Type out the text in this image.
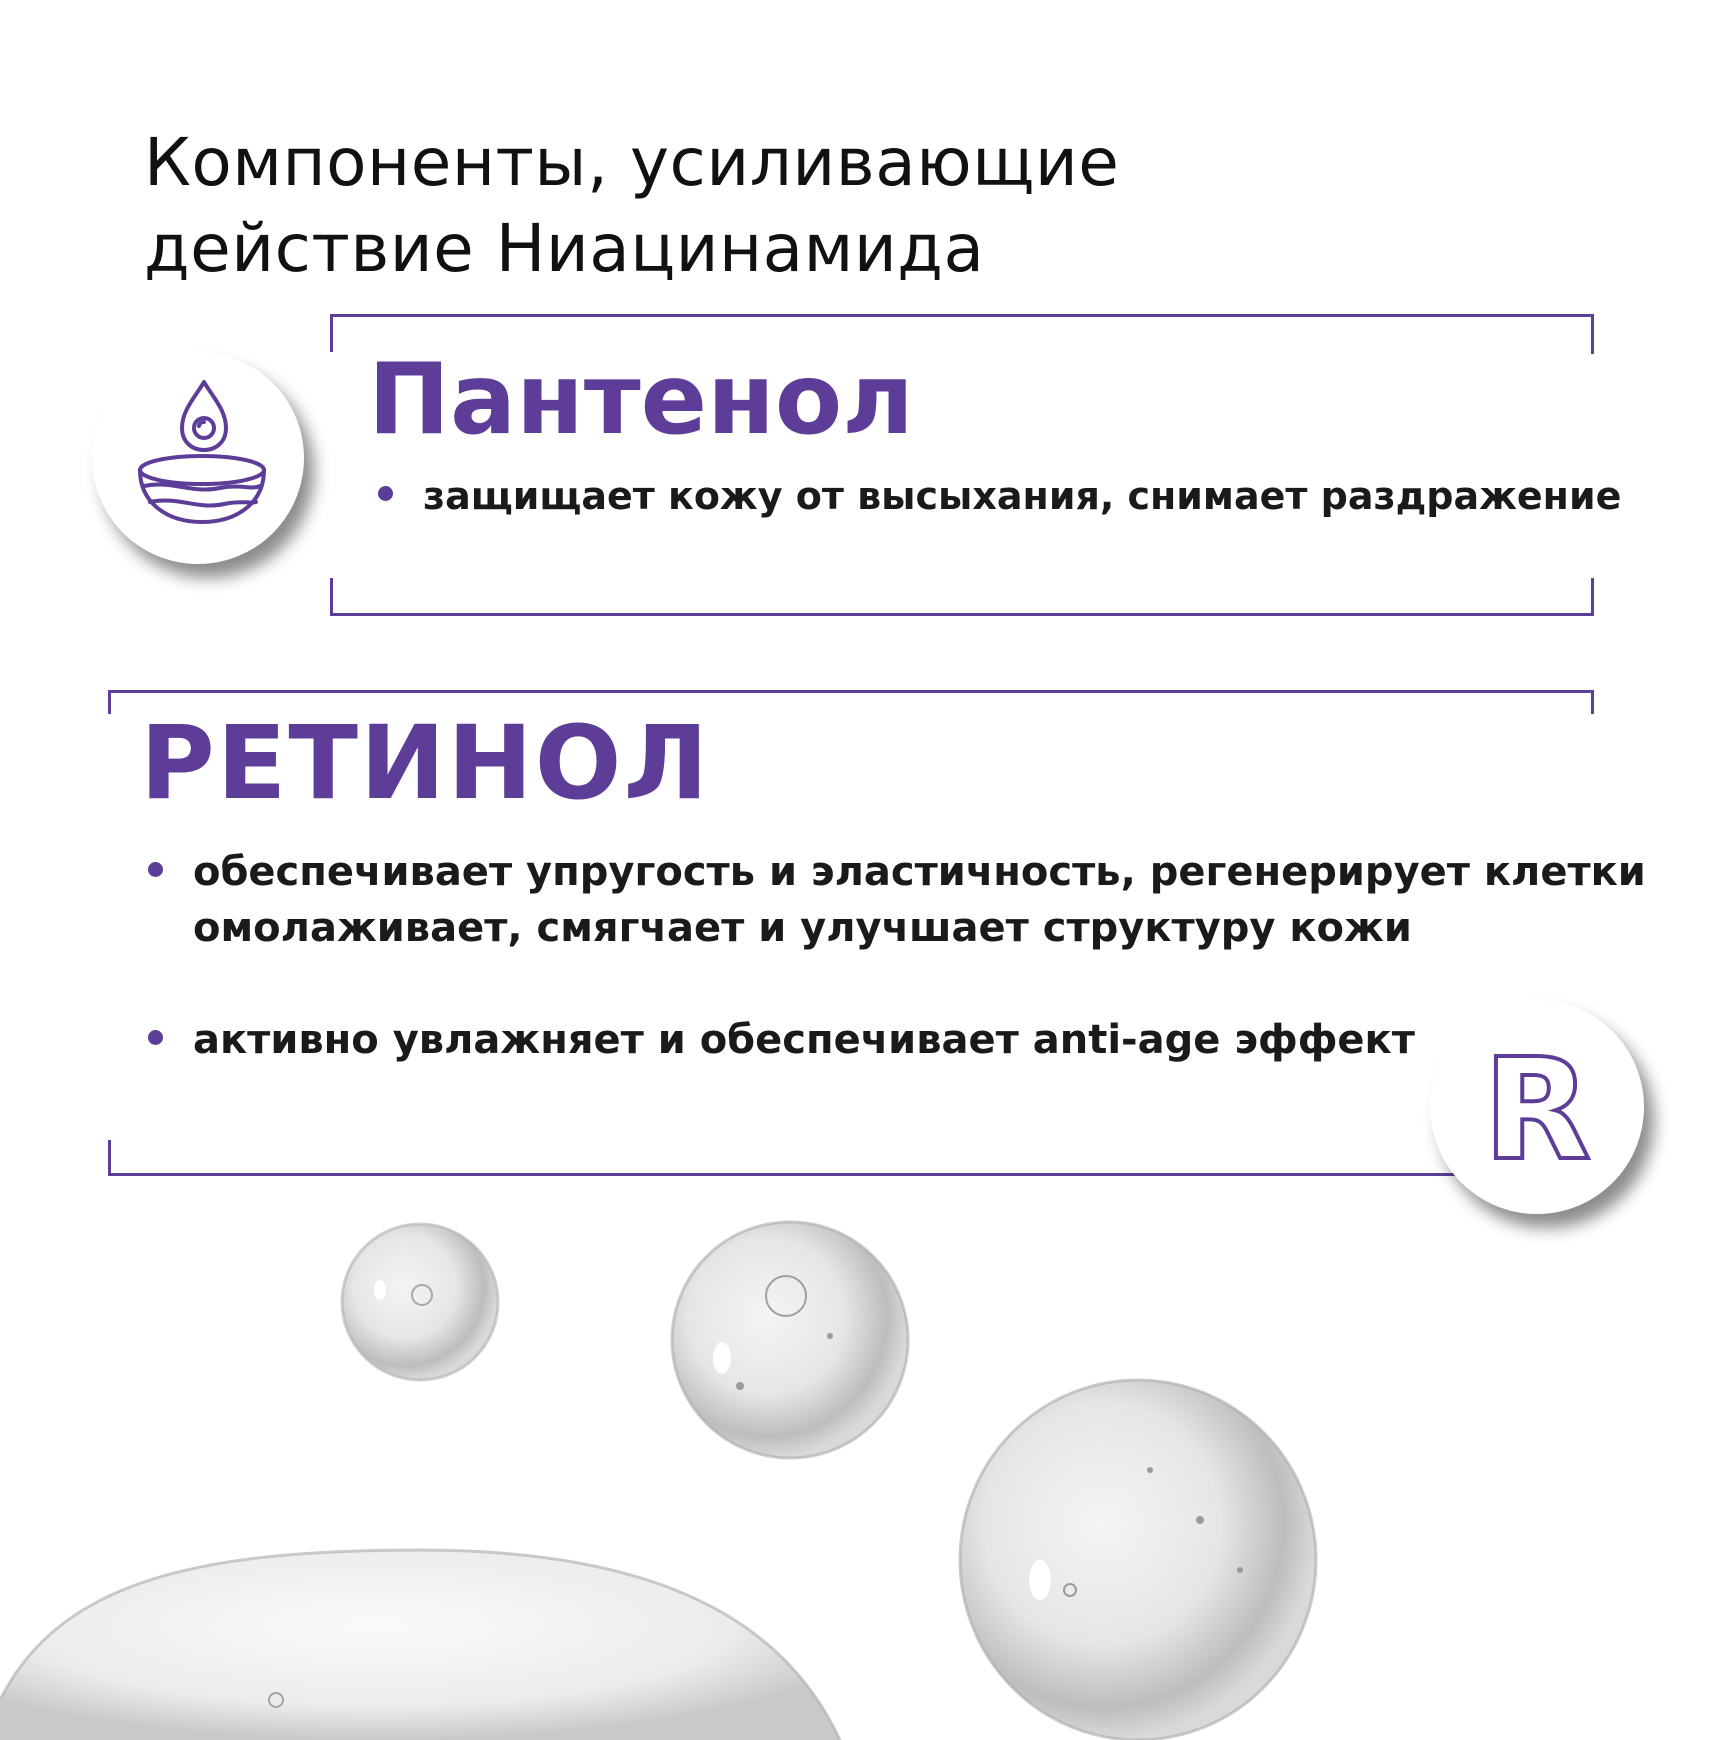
Компоненты, усиливающие
действие Ниацинамида
Пантенол
защищает кожу от высыхания, снимает раздражение
РЕТИНОЛ
обеспечивает упругость и эластичность, регенерирует клетки
омолаживает, смягчает и улучшает структуру кожи
активно увлажняет и обеспечивает anti-age эффект R
